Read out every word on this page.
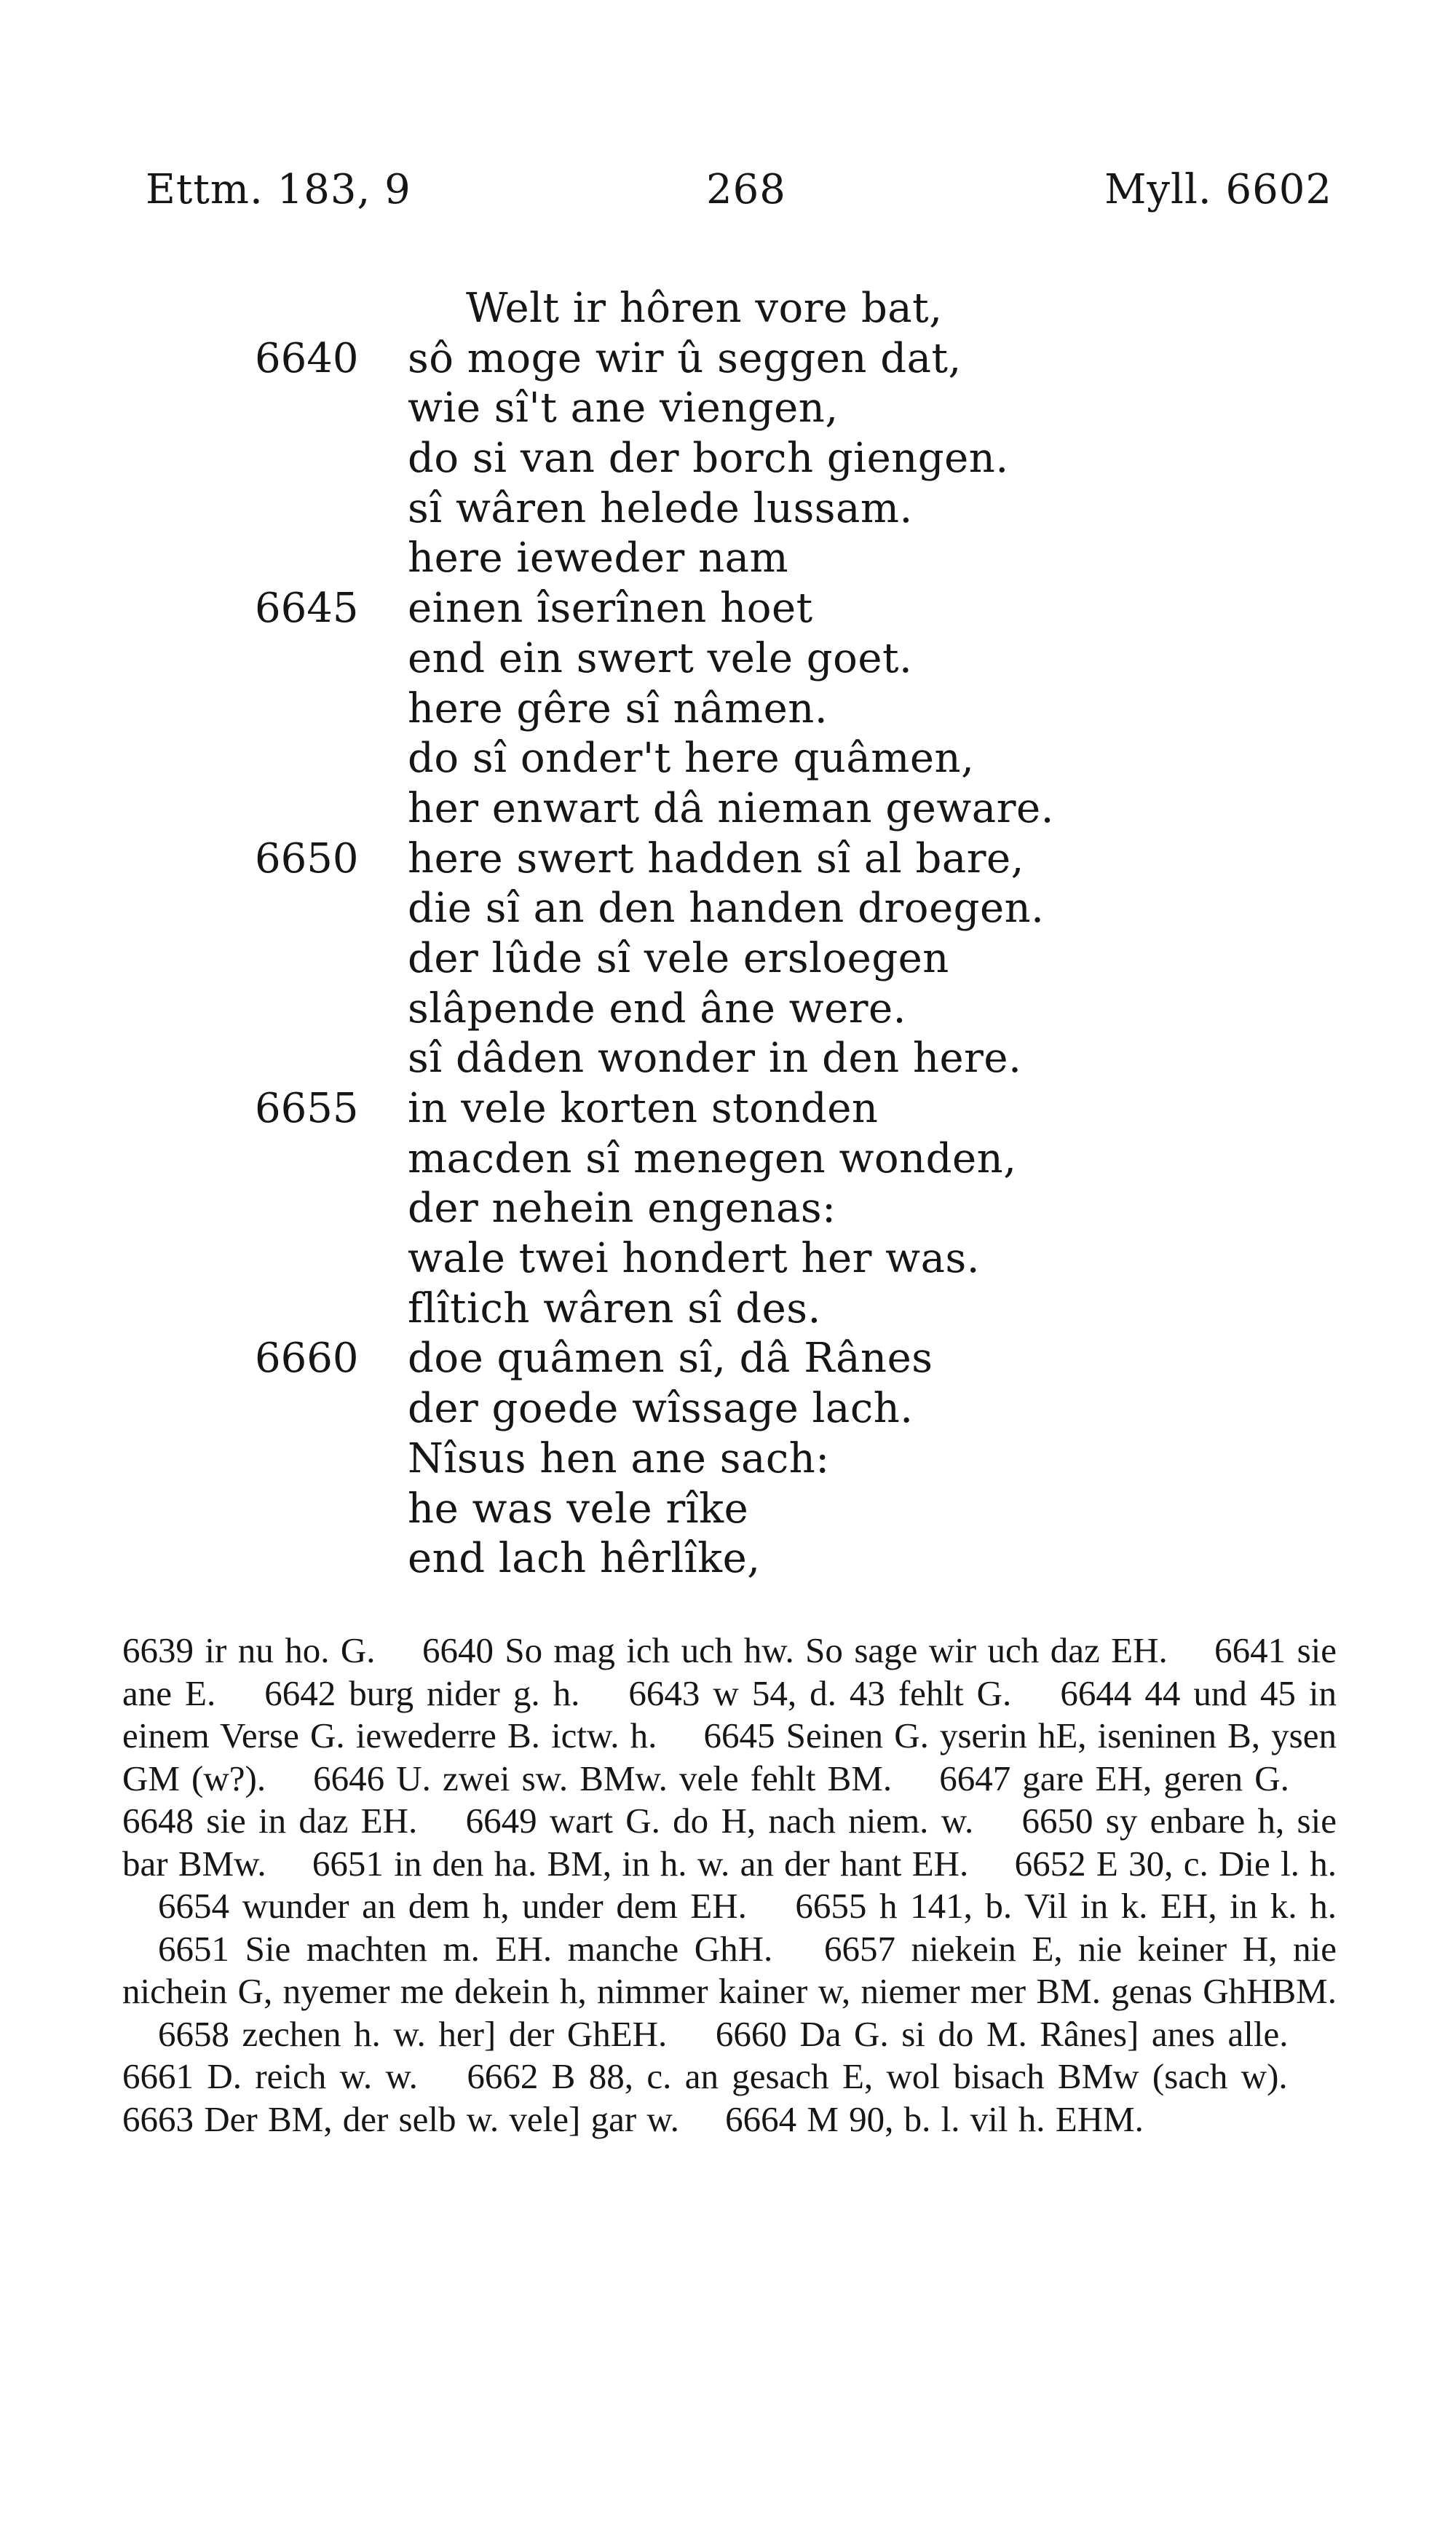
Ettm. 183, 9	268	Myll. 6602
Welt ir hôren vore bat,
6640 sô moge wir û seggen dat,
wie sî't ane viengen,
do si van der borch giengen.
sî wâren helede lussam.
here ieweder nam
6645 einen îserînen hoet
end ein swert vele goet.
here gêre sî nâmen.
do sî onder't here quâmen,
her enwart dâ nieman geware.
6650 here swert hadden sî al bare,
die sî an den handen droegen.
der lûde sî vele ersloegen
slâpende end âne were.
sî dâden wonder in den here.
6655 in vele korten stonden
macden sî menegen wonden,
der nehein engenas:
wale twei hondert her was.
flîtich wâren sî des.
6660 doe quâmen sî, dâ Rânes
der goede wîssage lach.
Nîsus hen ane sach:
he was vele rîke
end lach hêrlîke,
6639 ir nu ho. G. 6640 So mag ich uch hw. So sage wir uch daz EH. 6641 sie ane E. 6642 burg nider g. h. 6643 w 54, d. 43 fehlt G. 6644 44 und 45 in einem Verse G. iewederre B. ictw. h. 6645 Seinen G. yserin hE, iseninen B, ysen GM (w?). 6646 U. zwei sw. BMw. vele fehlt BM. 6647 gare EH, geren G.6648 sie in daz EH. 6649 wart G. do H, nach niem. w. 6650 sy enbare h, sie bar BMw. 6651 in den ha. BM, in h. w. an der hant EH. 6652 E 30, c. Die l. h.6654 wunder an dem h, under dem EH. 6655 h 141, b. Vil in k. EH, in k. h.6651 Sie machten m. EH. manche GhH. 6657 niekein E, nie keiner H, nie nichein G, nyemer me dekein h, nimmer kainer w, niemer mer BM. genas GhHBM.6658 zechen h. w. her] der GhEH. 6660 Da G. si do M. Rânes] anes alle.6661 D. reich w. w. 6662 B 88, c. an gesach E, wol bisach BMw (sach w).6663 Der BM, der selb w. vele] gar w. 6664 M 90, b. l. vil h. EHM.
